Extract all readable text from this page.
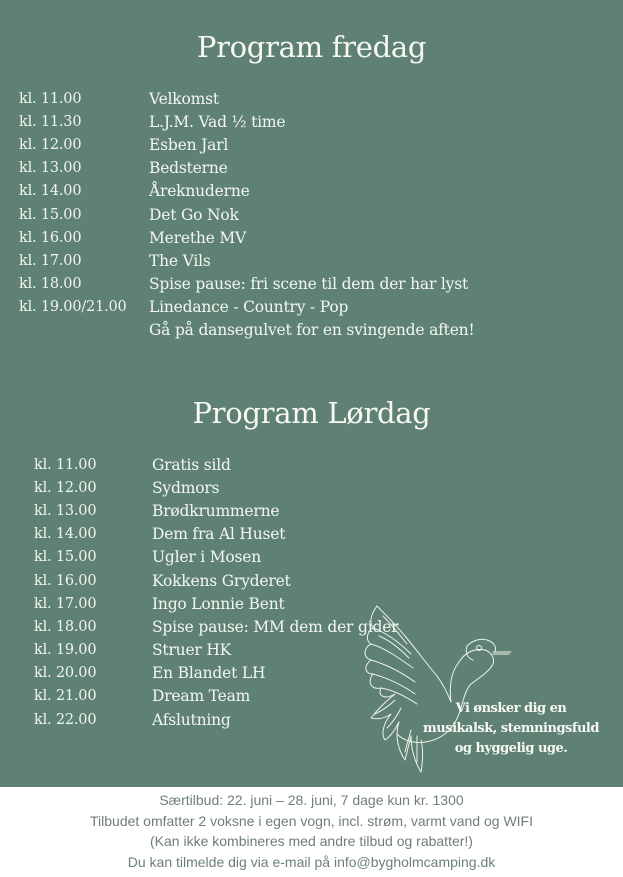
Program fredag
kl. 11.00	Velkomst
kl. 11.30	L.J.M. Vad ½ time
kl. 12.00	Esben Jarl
kl. 13.00	Bedsterne
kl. 14.00	Åreknuderne
kl. 15.00	Det Go Nok
kl. 16.00	Merethe MV
kl. 17.00	The Vils
kl. 18.00	Spise pause: fri scene til dem der har lyst
kl. 19.00/21.00	Linedance - Country - Pop
Gå på dansegulvet for en svingende aften!
Program Lørdag
kl. 11.00	Gratis sild
kl. 12.00	Sydmors
kl. 13.00	Brødkrummerne
kl. 14.00	Dem fra Al Huset
kl. 15.00	Ugler i Mosen
kl. 16.00	Kokkens Gryderet
kl. 17.00	Ingo Lonnie Bent
kl. 18.00	Spise pause: MM dem der gider
kl. 19.00	Struer HK
kl. 20.00	En Blandet LH
kl. 21.00	Dream Team
kl. 22.00	Afslutning
Vi ønsker dig en
musikalsk, stemningsfuld
og hyggelig uge.
Særtilbud: 22. juni – 28. juni, 7 dage kun kr. 1300
Tilbudet omfatter 2 voksne i egen vogn, incl. strøm, varmt vand og WIFI
(Kan ikke kombineres med andre tilbud og rabatter!)
Du kan tilmelde dig via e-mail på info@bygholmcamping.dk
